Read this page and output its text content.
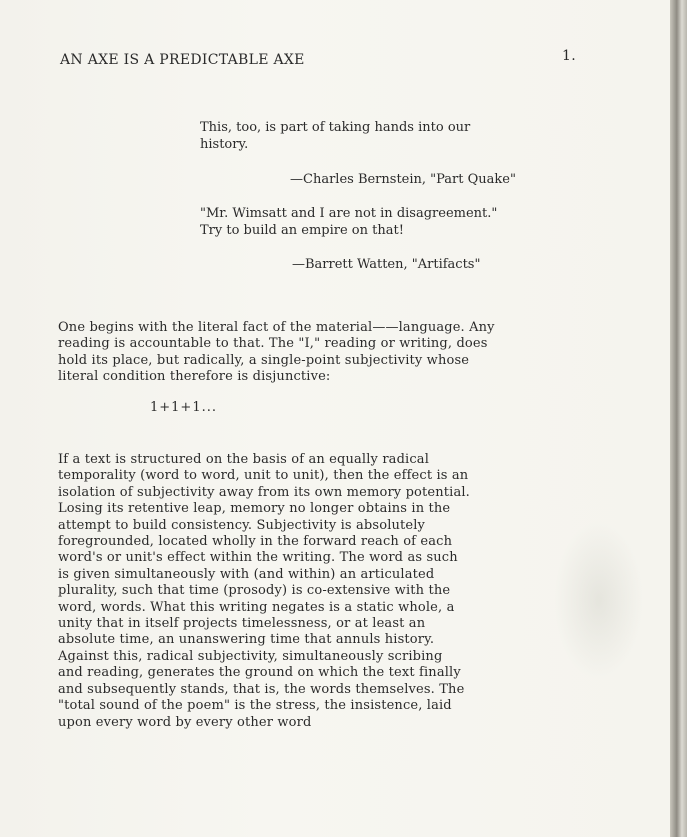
AN AXE IS A PREDICTABLE AXE	1.

This, too, is part of taking hands into our

history.

—Charles Bernstein, "Part Quake"

"Mr. Wimsatt and I are not in disagreement."

Try to build an empire on that!

—Barrett Watten, "Artifacts"

One begins with the literal fact of the material——language. Any
reading is accountable to that. The "I," reading or writing, does
hold its place, but radically, a single-point subjectivity whose
literal condition therefore is disjunctive:
1+1+1...
If a text is structured on the basis of an equally radical
temporality (word to word, unit to unit), then the effect is an
isolation of subjectivity away from its own memory potential.
Losing its retentive leap, memory no longer obtains in the
attempt to build consistency. Subjectivity is absolutely
foregrounded, located wholly in the forward reach of each
word's or unit's effect within the writing. The word as such
is given simultaneously with (and within) an articulated
plurality, such that time (prosody) is co-extensive with the
word, words. What this writing negates is a static whole, a
unity that in itself projects timelessness, or at least an
absolute time, an unanswering time that annuls history.
Against this, radical subjectivity, simultaneously scribing
and reading, generates the ground on which the text finally
and subsequently stands, that is, the words themselves. The
"total sound of the poem" is the stress, the insistence, laid
upon every word by every other word
